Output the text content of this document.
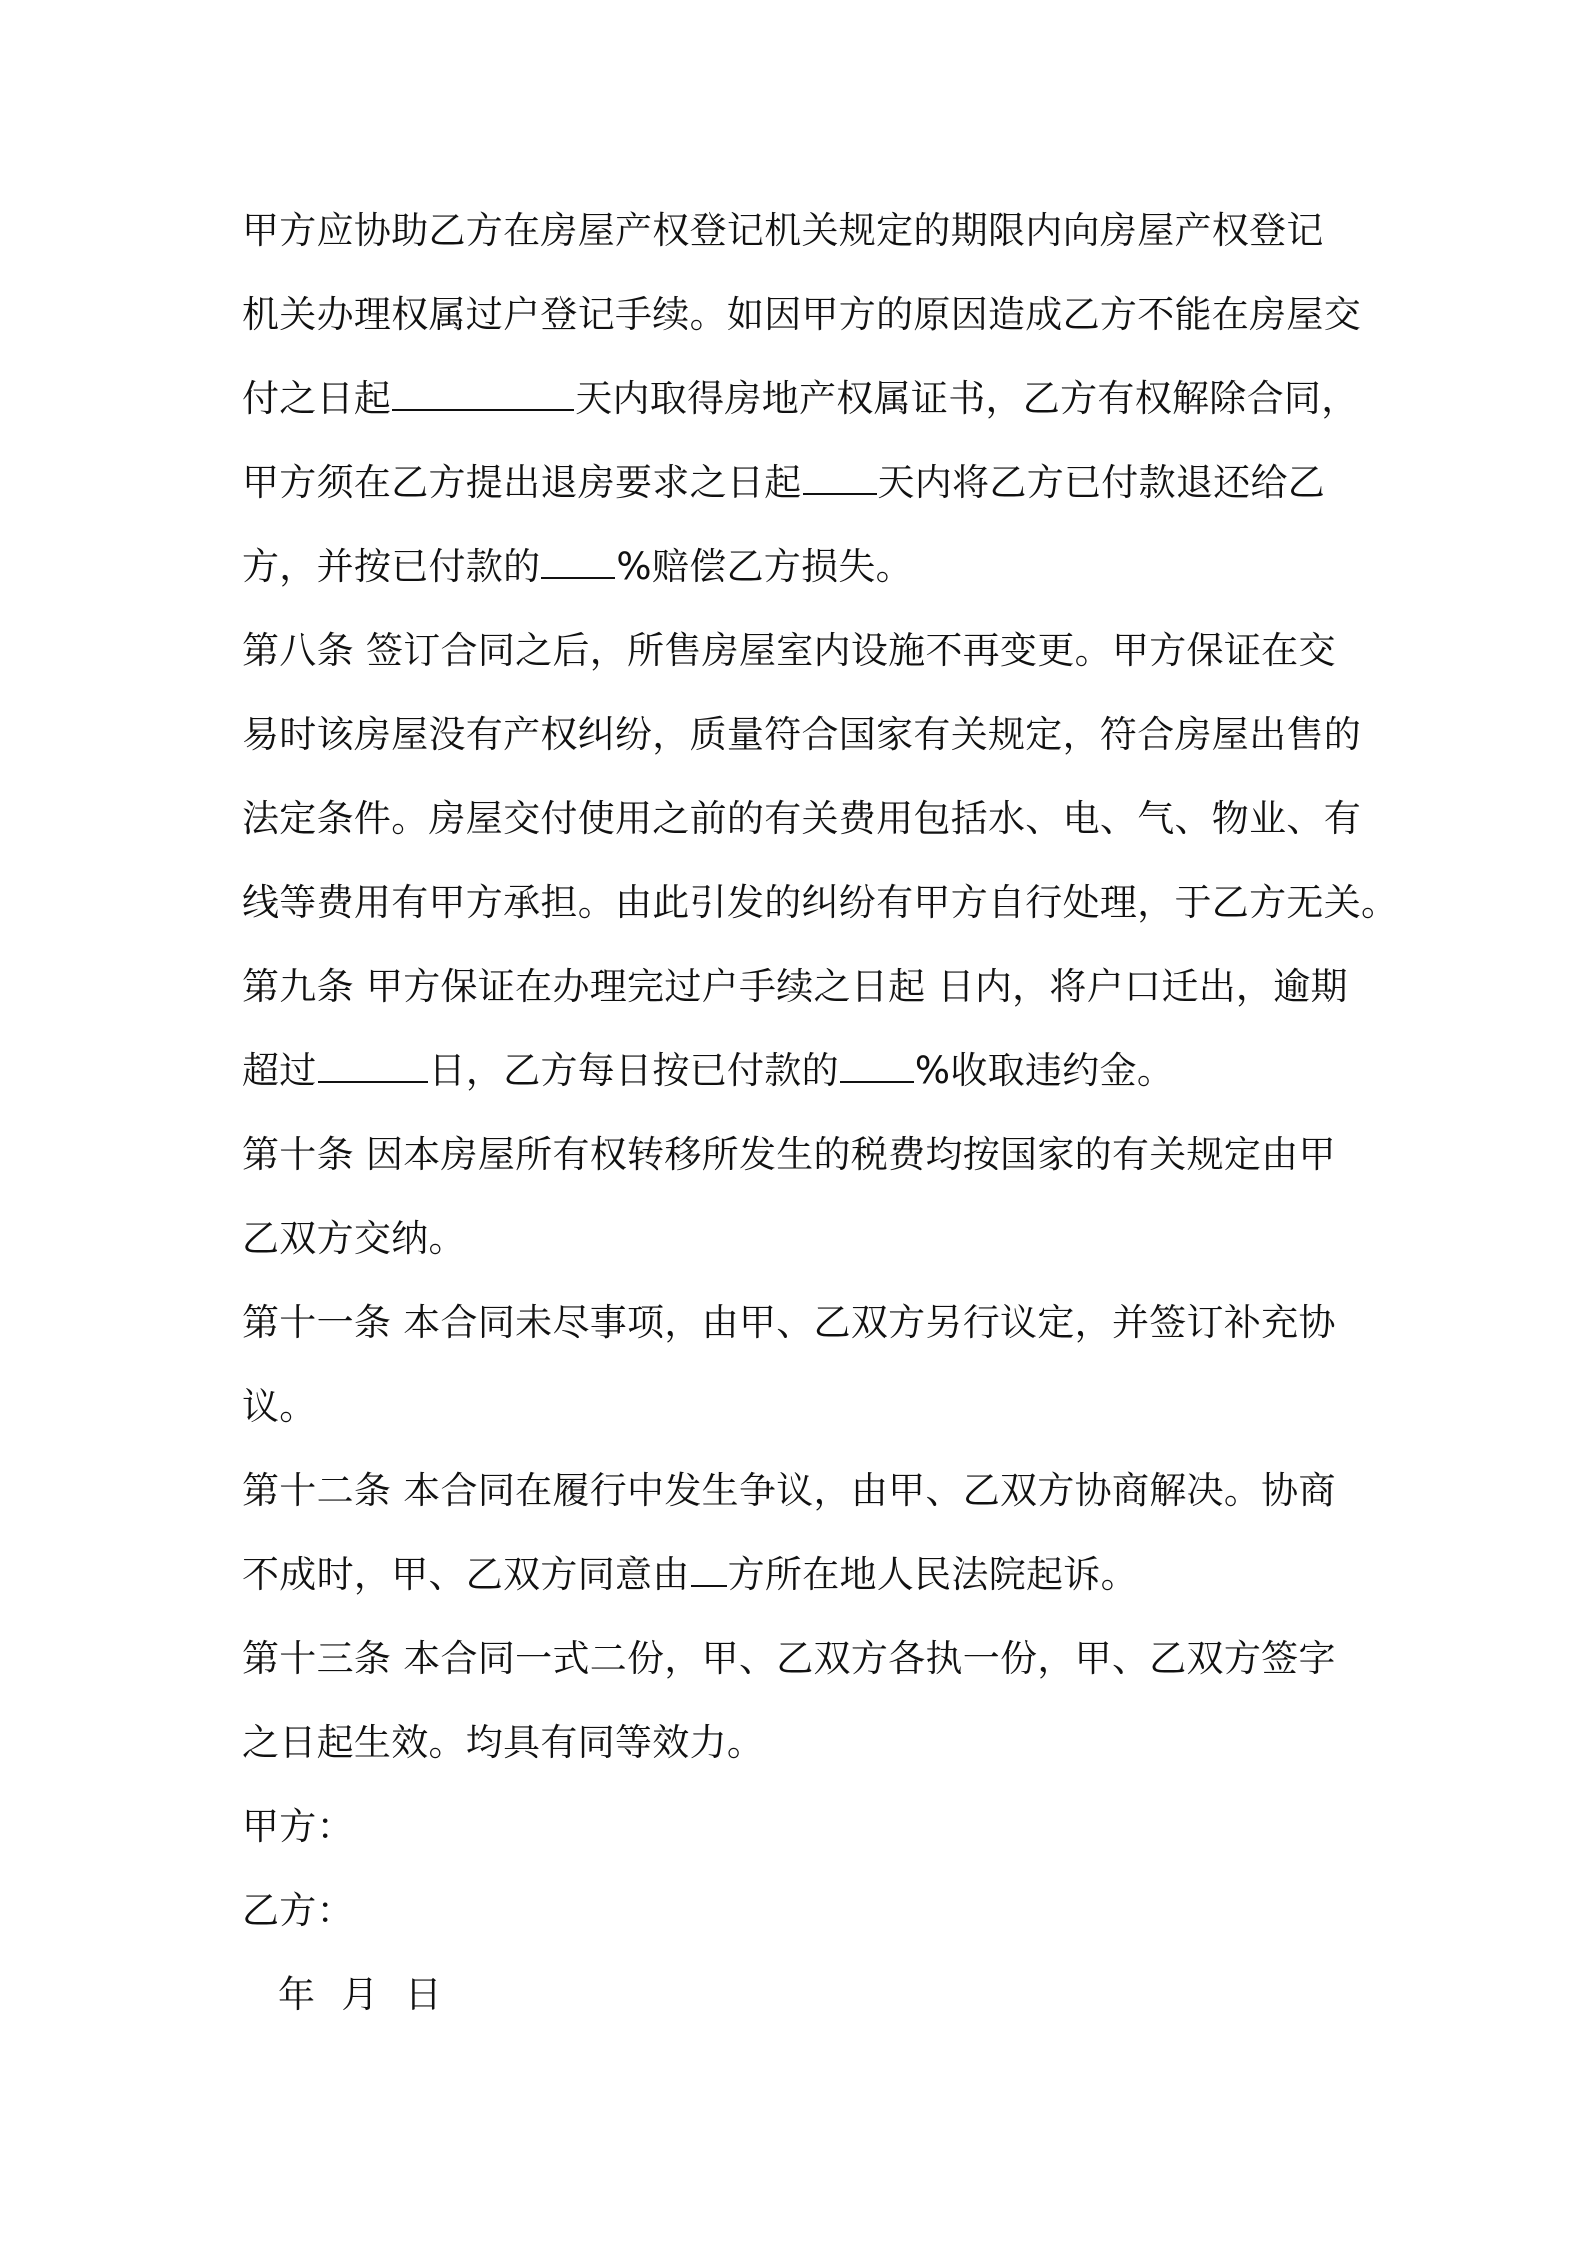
甲方应协助乙方在房屋产权登记机关规定的期限内向房屋产权登记
机关办理权属过户登记手续。如因甲方的原因造成乙方不能在房屋交
付之日起	天内取得房地产权属证书，乙方有权解除合同，
甲方须在乙方提出退房要求之日起 天内将乙方已付款退还给乙
方，并按已付款的 %赔偿乙方损失。
第八条 签订合同之后，所售房屋室内设施不再变更。甲方保证在交
易时该房屋没有产权纠纷，质量符合国家有关规定，符合房屋出售的
法定条件。房屋交付使用之前的有关费用包括水、电、气、物业、有
线等费用有甲方承担。由此引发的纠纷有甲方自行处理，于乙方无关。
第九条 甲方保证在办理完过户手续之日起 日内，将户口迁出，逾期
超过	日，乙方每日按已付款的 %收取违约金。
第十条 因本房屋所有权转移所发生的税费均按国家的有关规定由甲
乙双方交纳。
第十一条 本合同未尽事项，由甲、乙双方另行议定，并签订补充协
议。
第十二条 本合同在履行中发生争议，由甲、乙双方协商解决。协商
不成时，甲、乙双方同意由 方所在地人民法院起诉。
第十三条 本合同一式二份，甲、乙双方各执一份，甲、乙双方签字
之日起生效。均具有同等效力。
甲方：
乙方：
年 月 日
